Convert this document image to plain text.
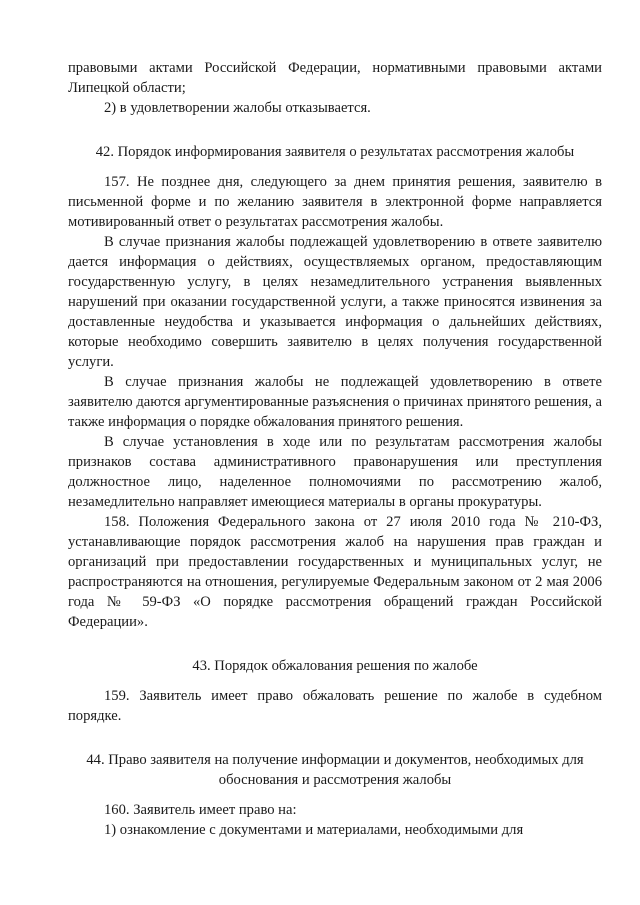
правовыми актами Российской Федерации, нормативными правовыми актами Липецкой области;

2) в удовлетворении жалобы отказывается.

42. Порядок информирования заявителя о результатах рассмотрения жалобы

157. Не позднее дня, следующего за днем принятия решения, заявителю в письменной форме и по желанию заявителя в электронной форме направляется мотивированный ответ о результатах рассмотрения жалобы.

В случае признания жалобы подлежащей удовлетворению в ответе заявителю дается информация о действиях, осуществляемых органом, предоставляющим государственную услугу, в целях незамедлительного устранения выявленных нарушений при оказании государственной услуги, а также приносятся извинения за доставленные неудобства и указывается информация о дальнейших действиях, которые необходимо совершить заявителю в целях получения государственной услуги.

В случае признания жалобы не подлежащей удовлетворению в ответе заявителю даются аргументированные разъяснения о причинах принятого решения, а также информация о порядке обжалования принятого решения.

В случае установления в ходе или по результатам рассмотрения жалобы признаков состава административного правонарушения или преступления должностное лицо, наделенное полномочиями по рассмотрению жалоб, незамедлительно направляет имеющиеся материалы в органы прокуратуры.

158. Положения Федерального закона от 27 июля 2010 года № 210-ФЗ, устанавливающие порядок рассмотрения жалоб на нарушения прав граждан и организаций при предоставлении государственных и муниципальных услуг, не распространяются на отношения, регулируемые Федеральным законом от 2 мая 2006 года № 59-ФЗ «О порядке рассмотрения обращений граждан Российской Федерации».

43. Порядок обжалования решения по жалобе

159. Заявитель имеет право обжаловать решение по жалобе в судебном порядке.

44. Право заявителя на получение информации и документов, необходимых для обоснования и рассмотрения жалобы

160. Заявитель имеет право на:

1) ознакомление с документами и материалами, необходимыми для
